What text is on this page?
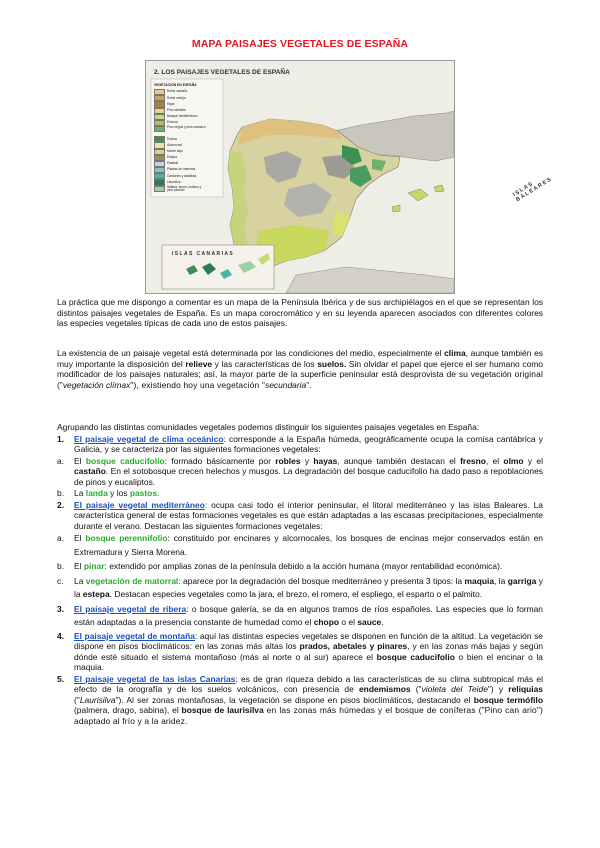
MAPA PAISAJES VEGETALES DE ESPAÑA
2. LOS PAISAJES VEGETALES DE ESPAÑA
VEGETACIÓN EN ESPAÑA
Roble carballo
Roble melojo
Haya
Pino silvestre
Bosque mediterráneo
Encinar
Pino negral y pino carrasco
Encina
Alcornocal
Monte bajo
Estepa
Pastizal
Plantas de marisma
Cardones y tabaibas
Laurisilva
Sabina, brezo, codeso y pino canario	ISLAS BALEARES
ISLAS CANARIAS

La práctica que me dispongo a comentar es un mapa de la Península Ibérica y de sus archipiélagos en el que se representan los distintos paisajes vegetales de España. Es un mapa corocromático y en su leyenda aparecen asociados con diferentes colores las especies vegetales típicas de cada uno de estos paisajes.

La existencia de un paisaje vegetal está determinada por las condiciones del medio, especialmente el clima, aunque también es muy importante la disposición del relieve y las características de los suelos. Sin olvidar el papel que ejerce el ser humano como modificador de los paisajes naturales; así, la mayor parte de la superficie peninsular está desprovista de su vegetación original ("vegetación clímax"), existiendo hoy una vegetación "secundaria".

Agrupando las distintas comunidades vegetales podemos distinguir los siguientes paisajes vegetales en España:

1.	El paisaje vegetal de clima oceánico: corresponde a la España húmeda, geográficamente ocupa la cornisa cantábrica y Galicia, y se caracteriza por las siguientes formaciones vegetales:
a.	El bosque caducifolio: formado básicamente por robles y hayas, aunque también destacan el fresno, el olmo y el castaño. En el sotobosque crecen helechos y musgos. La degradación del bosque caducifolio ha dado paso a repoblaciones de pinos y eucaliptos.
b.	La landa y los pastos.
2.	El paisaje vegetal mediterráneo: ocupa casi todo el interior peninsular, el litoral mediterráneo y las islas Baleares. La característica general de estas formaciones vegetales es que están adaptadas a las escasas precipitaciones, especialmente durante el verano. Destacan las siguientes formaciones vegetales:
a.	El bosque perennifolio: constituido por encinares y alcornocales, los bosques de encinas mejor conservados están en Extremadura y Sierra Morena.
b.	El pinar: extendido por amplias zonas de la península debido a la acción humana (mayor rentabilidad económica).
c.	La vegetación de matorral: aparece por la degradación del bosque mediterráneo y presenta 3 tipos: la maquia, la garriga y la estepa. Destacan especies vegetales como la jara, el brezo, el romero, el espliego, el esparto o el palmito.
3.	El paisaje vegetal de ribera: o bosque galería, se da en algunos tramos de ríos españoles. Las especies que lo forman están adaptadas a la presencia constante de humedad como el chopo o el sauce.
4.	El paisaje vegetal de montaña: aquí las distintas especies vegetales se disponen en función de la altitud. La vegetación se dispone en pisos bioclimáticos: en las zonas más altas los prados, abetales y pinares, y en las zonas más bajas y según dónde esté situado el sistema montañoso (más al norte o al sur) aparece el bosque caducifolio o bien el encinar o la maquia.
5.	El paisaje vegetal de las islas Canarias: es de gran riqueza debido a las características de su clima subtropical más el efecto de la orografía y de los suelos volcánicos, con presencia de endemismos ("violeta del Teide") y reliquias ("Laurisilva"). Al ser zonas montañosas, la vegetación se dispone en pisos bioclimáticos, destacando el bosque termófilo (palmera, drago, sabina), el bosque de laurisilva en las zonas más húmedas y el bosque de coníferas ("Pino can ario") adaptado al frío y a la aridez.
